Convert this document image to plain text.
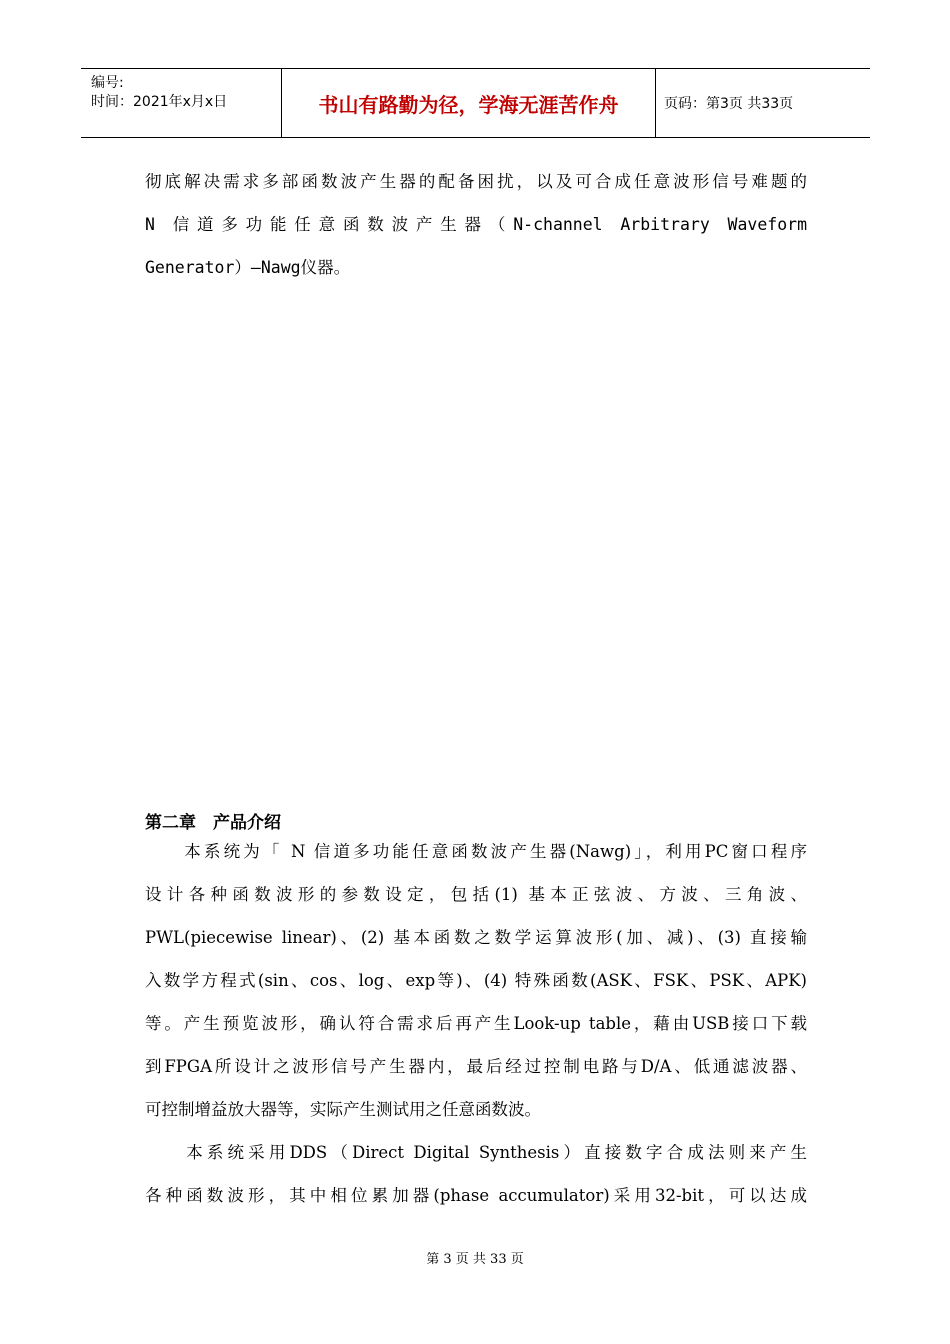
编号:
时间：2021年x月x日	书山有路勤为径，学海无涯苦作舟	页码：第3页 共33页
彻底解决需求多部函数波产生器的配备困扰，以及可合成任意波形信号难题的
N 信道多功能任意函数波产生器（N-channel Arbitrary Waveform
Generator）—Nawg仪器。
第二章　产品介绍
　　本系统为「 N 信道多功能任意函数波产生器(Nawg)」，利用PC窗口程序
设计各种函数波形的参数设定，包括(1) 基本正弦波、方波、三角波、
PWL(piecewise linear)、(2) 基本函数之数学运算波形(加、减)、(3) 直接输
入数学方程式(sin、cos、log、exp等)、(4) 特殊函数(ASK、FSK、PSK、APK)
等。产生预览波形，确认符合需求后再产生Look-up table，藉由USB接口下载
到FPGA所设计之波形信号产生器内，最后经过控制电路与D/A、低通滤波器、
可控制增益放大器等，实际产生测试用之任意函数波。
　　本系统采用DDS（Direct Digital Synthesis）直接数字合成法则来产生
各种函数波形，其中相位累加器(phase accumulator)采用32-bit，可以达成
第 3 页 共 33 页
